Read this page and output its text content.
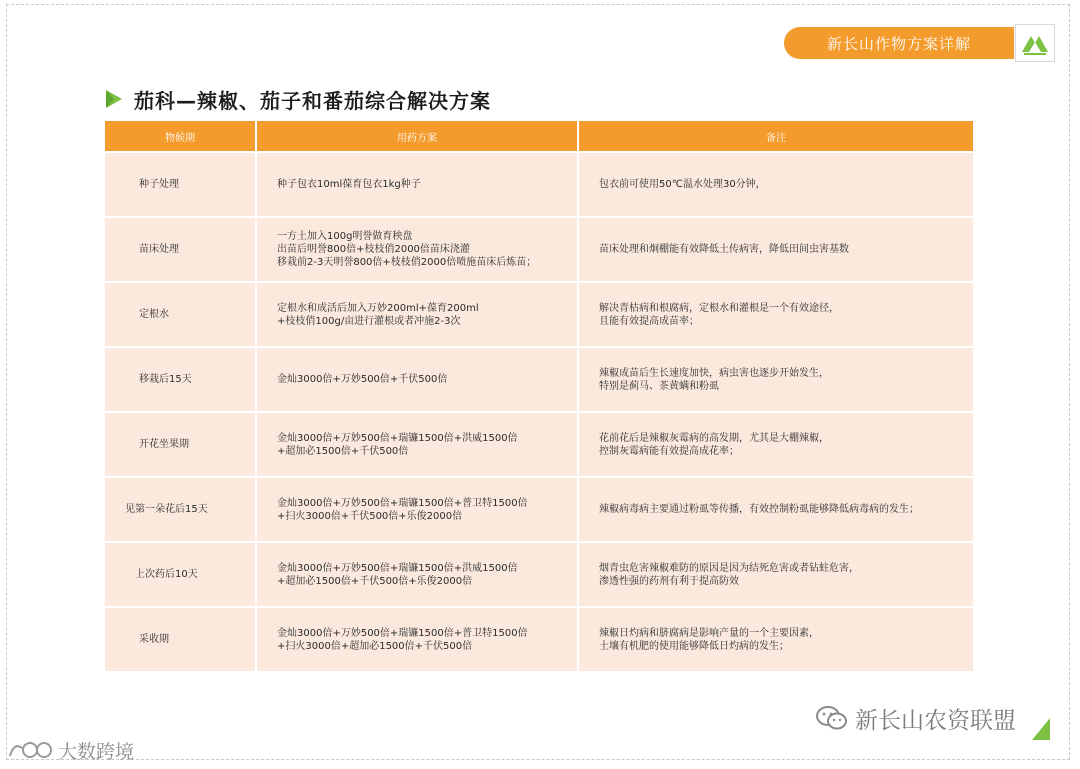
新长山作物方案详解
茄科—辣椒、茄子和番茄综合解决方案
物候期	用药方案	备注
种子处理	种子包衣10ml葆育包衣1kg种子	包衣前可使用50℃温水处理30分钟，

苗床处理	一方土加入100g明誉做育秧盘
出苗后明誉800倍+枝枝俏2000倍苗床浇灌
移栽前2-3天明誉800倍+枝枝俏2000倍喷施苗床后炼苗；	苗床处理和炯棚能有效降低土传病害，降低田间虫害基数

定根水	定根水和成活后加入万妙200ml+葆育200ml
+枝枝俏100g/亩进行灌根或者冲施2-3次	解决青枯病和根腐病，定根水和灌根是一个有效途径，
且能有效提高成苗率；

移栽后15天	金灿3000倍+万妙500倍+千伏500倍	辣椒成苗后生长速度加快，病虫害也逐步开始发生，
特别是蓟马、茶黄螨和粉虱

开花坐果期	金灿3000倍+万妙500倍+瑞镰1500倍+洪威1500倍
+超加必1500倍+千伏500倍	花前花后是辣椒灰霉病的高发期，尤其是大棚辣椒，
控制灰霉病能有效提高成花率；

见第一朵花后15天	金灿3000倍+万妙500倍+瑞镰1500倍+普卫特1500倍
+扫火3000倍+千伏500倍+乐俊2000倍	辣椒病毒病主要通过粉虱等传播，有效控制粉虱能够降低病毒病的发生；

上次药后10天	金灿3000倍+万妙500倍+瑞镰1500倍+洪威1500倍
+超加必1500倍+千伏500倍+乐俊2000倍	烟青虫危害辣椒难防的原因是因为结死危害或者钻蛀危害，
渗透性强的药剂有利于提高防效

采收期	金灿3000倍+万妙500倍+瑞镰1500倍+普卫特1500倍
+扫火3000倍+超加必1500倍+千伏500倍	辣椒日灼病和脐腐病是影响产量的一个主要因素，
土壤有机肥的使用能够降低日灼病的发生；
新长山农资联盟
大数跨境
